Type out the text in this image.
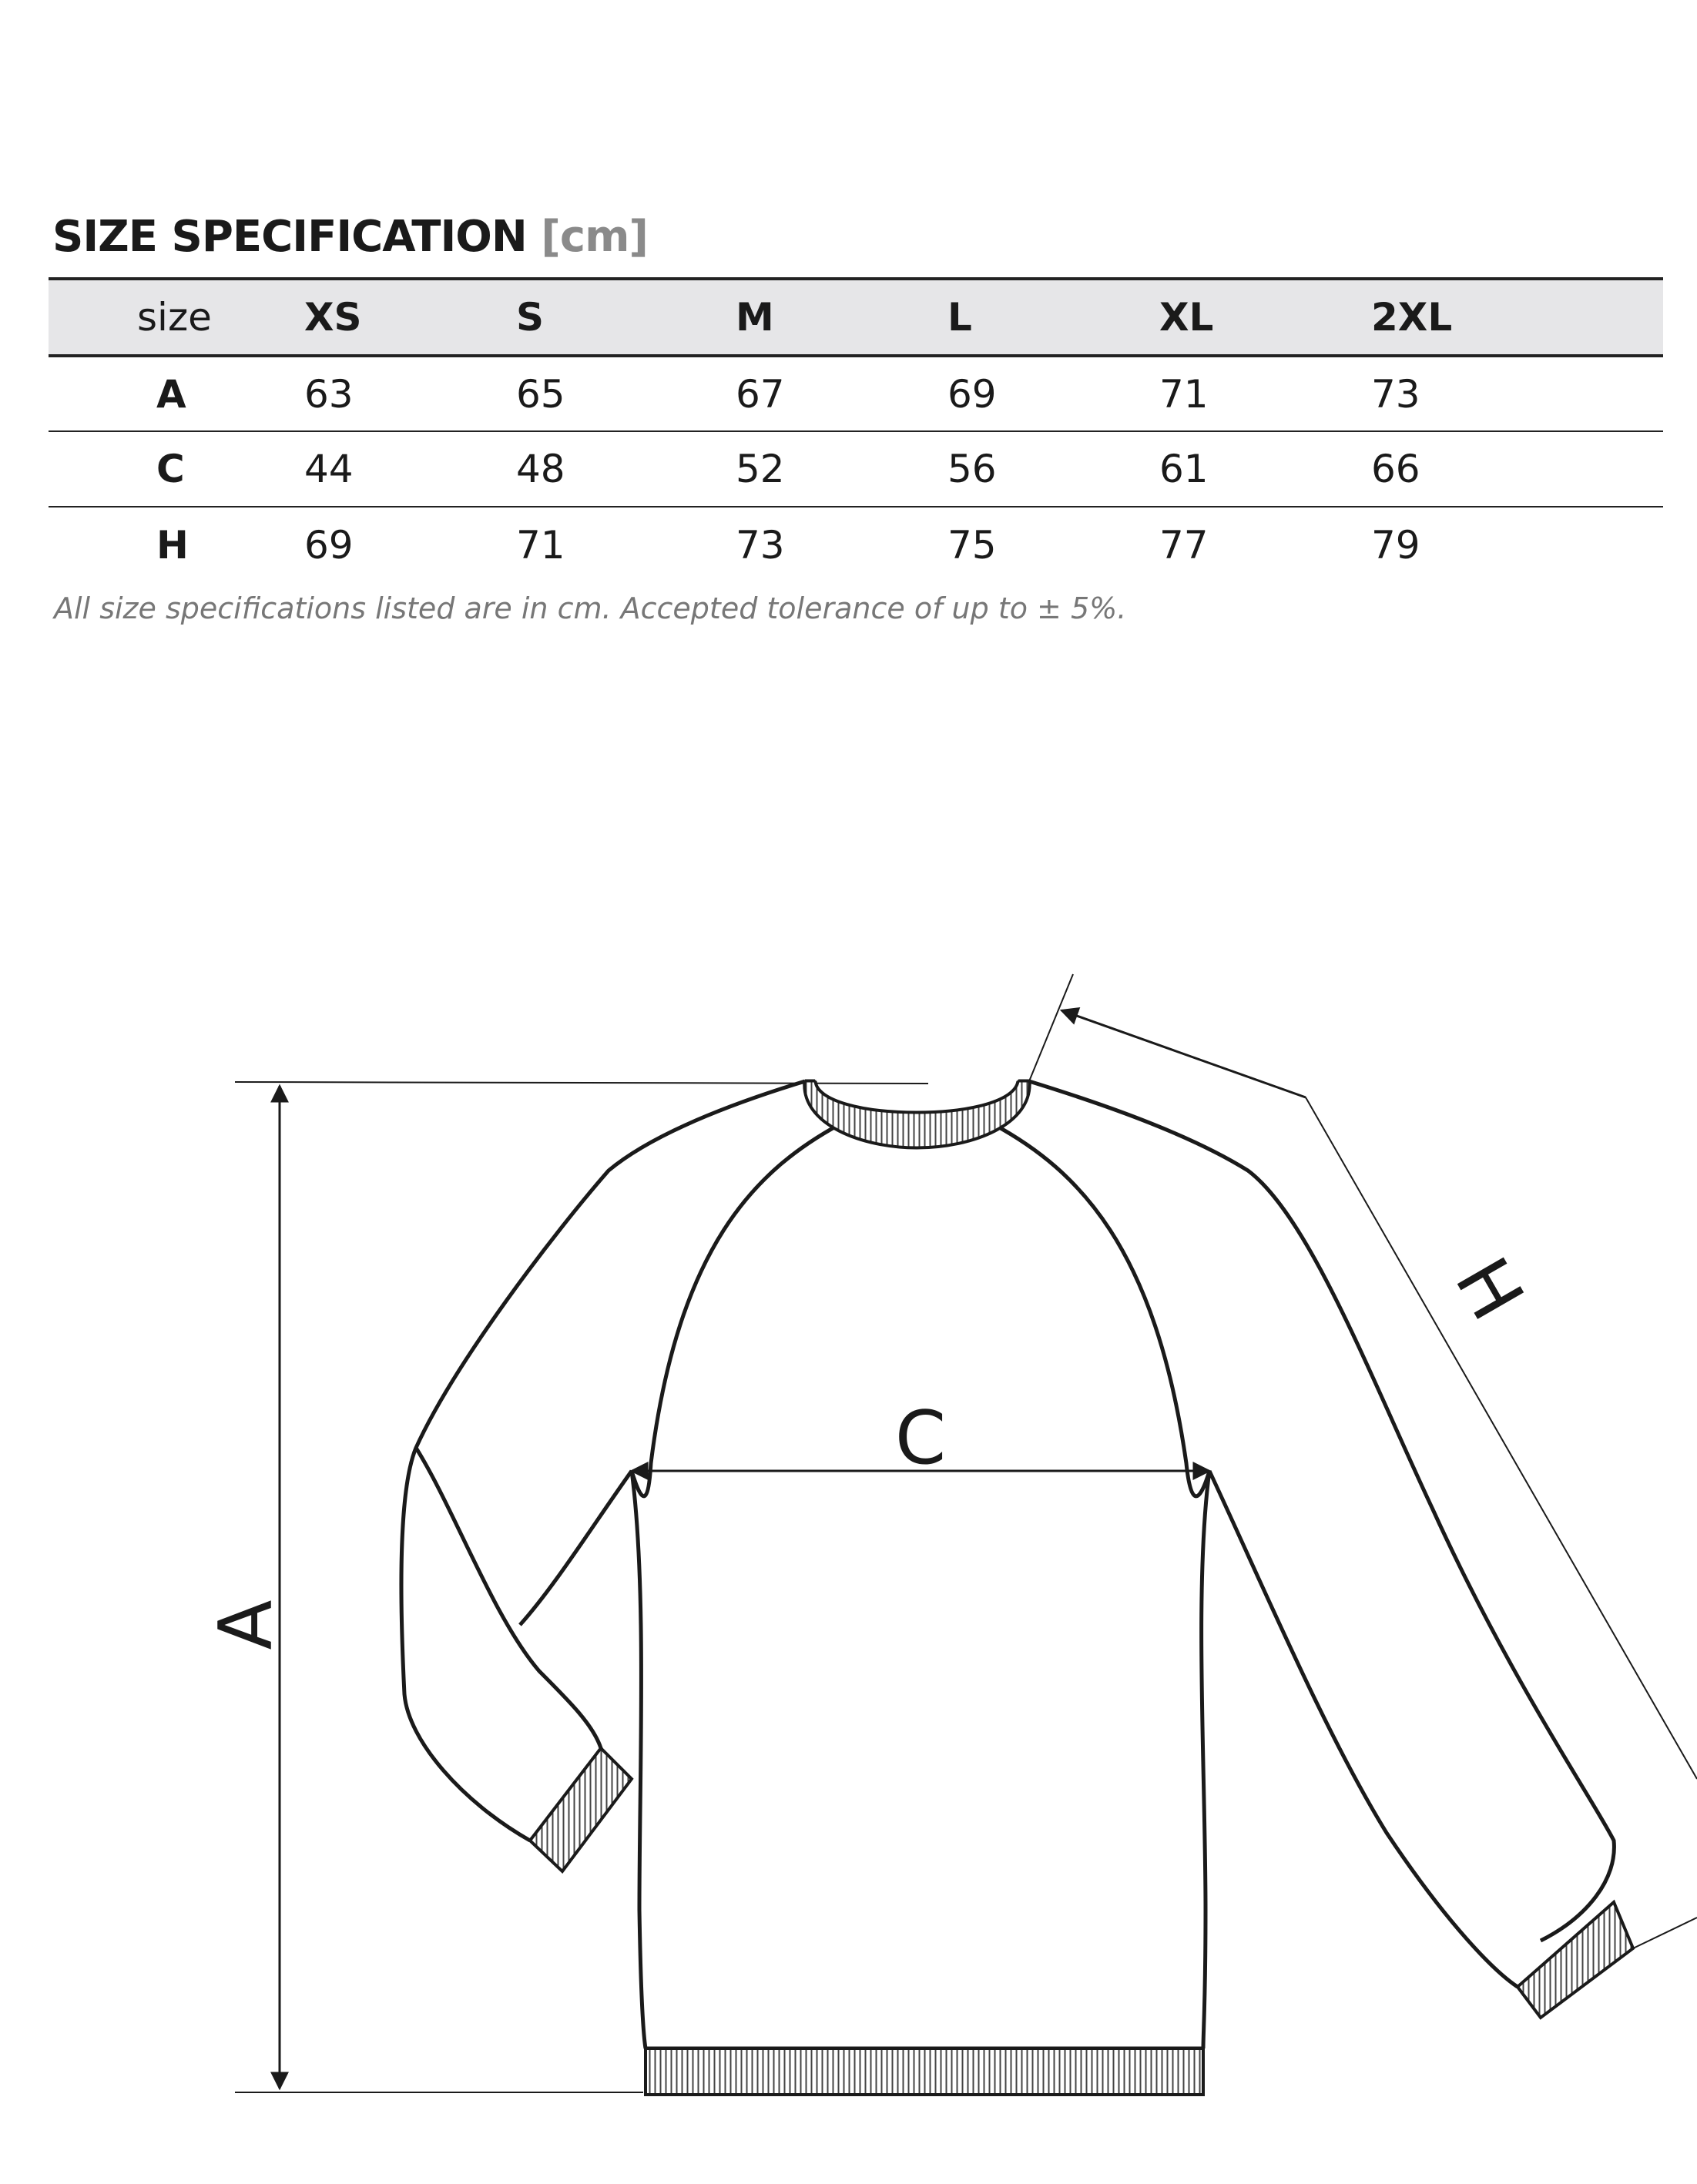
SIZE SPECIFICATION [cm]
size	XS	S	M	L	XL	2XL
A	63	65	67	69	71	73
C	44	48	52	56	61	66
H	69	71	73	75	77	79
All size specifications listed are in cm. Accepted tolerance of up to ± 5%.
A
C
H
